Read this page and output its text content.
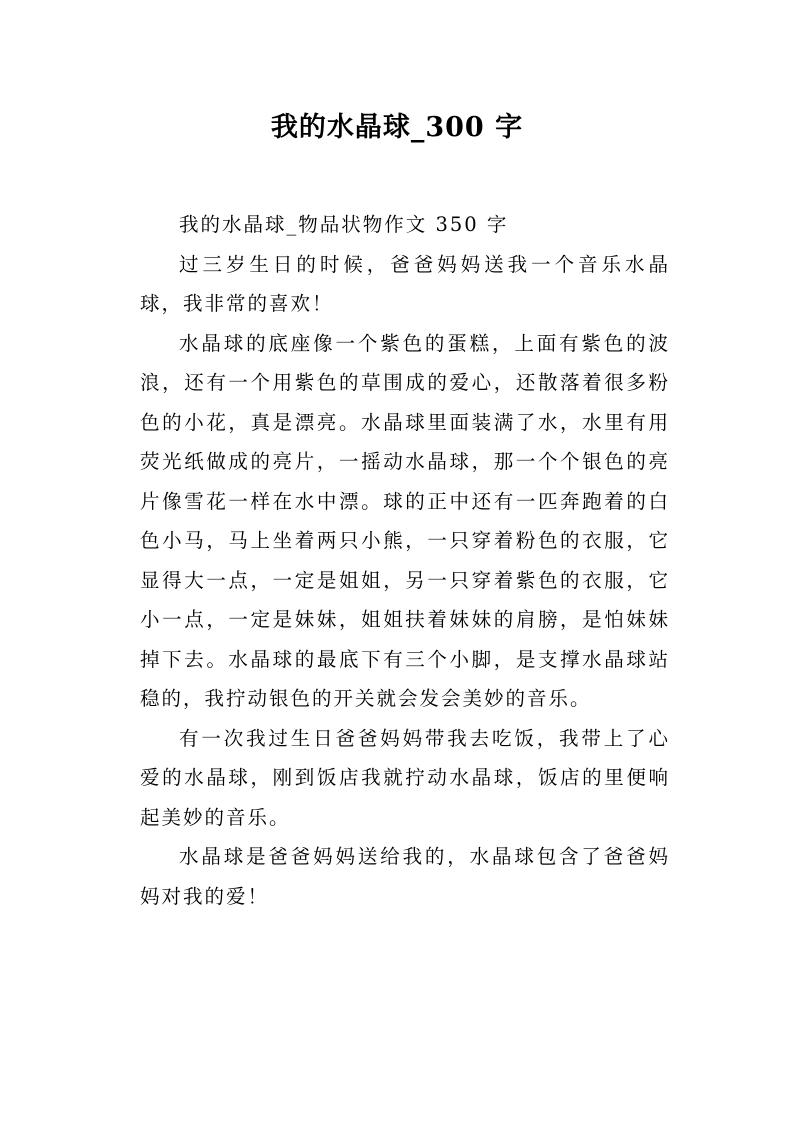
我的水晶球_300 字

我的水晶球_物品状物作文 350 字

过三岁生日的时候，爸爸妈妈送我一个音乐水晶球，我非常的喜欢！

水晶球的底座像一个紫色的蛋糕，上面有紫色的波浪，还有一个用紫色的草围成的爱心，还散落着很多粉色的小花，真是漂亮。水晶球里面装满了水，水里有用荧光纸做成的亮片，一摇动水晶球，那一个个银色的亮片像雪花一样在水中漂。球的正中还有一匹奔跑着的白色小马，马上坐着两只小熊，一只穿着粉色的衣服，它显得大一点，一定是姐姐，另一只穿着紫色的衣服，它小一点，一定是妹妹，姐姐扶着妹妹的肩膀，是怕妹妹掉下去。水晶球的最底下有三个小脚，是支撑水晶球站稳的，我拧动银色的开关就会发会美妙的音乐。

有一次我过生日爸爸妈妈带我去吃饭，我带上了心爱的水晶球，刚到饭店我就拧动水晶球，饭店的里便响起美妙的音乐。

水晶球是爸爸妈妈送给我的，水晶球包含了爸爸妈妈对我的爱！
